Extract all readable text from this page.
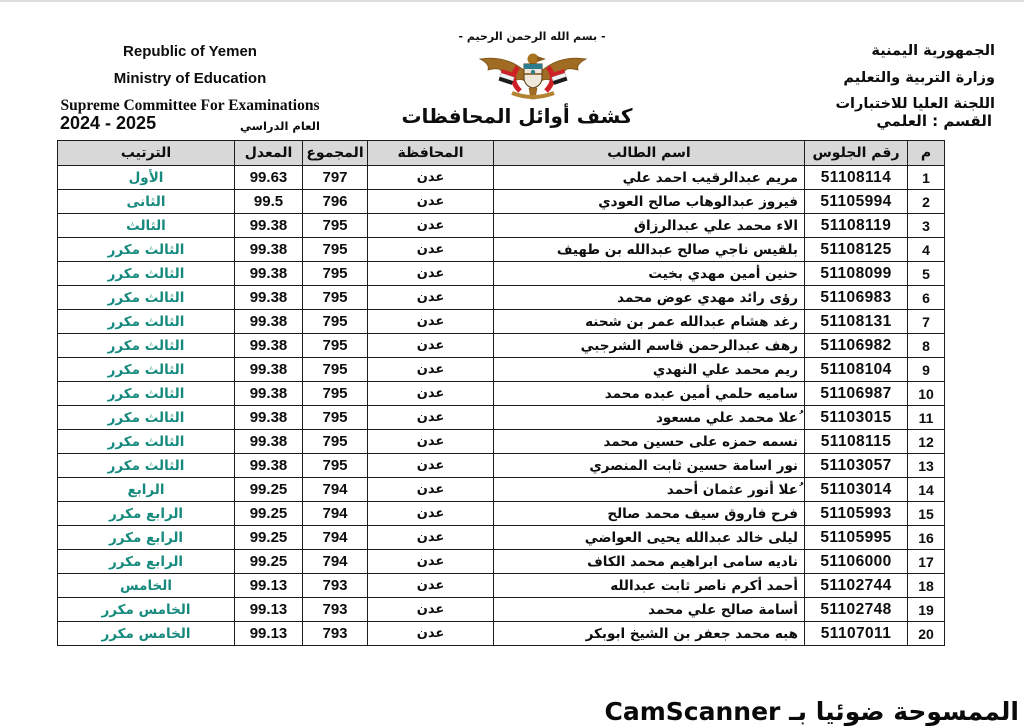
Republic of Yemen
Ministry of Education
Supreme Committee For Examinations
الجمهورية اليمنية
وزارة التربية والتعليم
اللجنة العليا للاختبارات
- بسم الله الرحمن الرحيم -
كشف أوائل المحافظات	القسم : العلمي
العام الدراسي
2024 - 2025
م	رقم الجلوس	اسم الطالب	المحافظة	المجموع	المعدل	الترتيب
1	51108114	مريم عبدالرقيب احمد علي	عدن	797	99.63	الأول
2	51105994	فيروز عبدالوهاب صالح العودي	عدن	796	99.5	الثانى
3	51108119	الاء محمد علي عبدالرزاق	عدن	795	99.38	الثالث
4	51108125	بلقيس ناجي صالح عبدالله بن طهيف	عدن	795	99.38	الثالث مكرر
5	51108099	حنين أمين مهدي بخيت	عدن	795	99.38	الثالث مكرر
6	51106983	رؤى رائد مهدي عوض محمد	عدن	795	99.38	الثالث مكرر
7	51108131	رغد هشام عبدالله عمر بن شحنه	عدن	795	99.38	الثالث مكرر
8	51106982	رهف عبدالرحمن قاسم الشرجبي	عدن	795	99.38	الثالث مكرر
9	51108104	ريم محمد علي النهدي	عدن	795	99.38	الثالث مكرر
10	51106987	ساميه حلمي أمين عبده محمد	عدن	795	99.38	الثالث مكرر
11	51103015	ُعلا محمد علي مسعود	عدن	795	99.38	الثالث مكرر
12	51108115	نسمه حمزه على حسين محمد	عدن	795	99.38	الثالث مكرر
13	51103057	نور اسامة حسين ثابت المنصري	عدن	795	99.38	الثالث مكرر
14	51103014	ُعلا أنور عثمان أحمد	عدن	794	99.25	الرابع
15	51105993	فرح فاروق سيف محمد صالح	عدن	794	99.25	الرابع مكرر
16	51105995	ليلى خالد عبدالله يحيى العواضي	عدن	794	99.25	الرابع مكرر
17	51106000	ناديه سامى ابراهيم محمد الكاف	عدن	794	99.25	الرابع مكرر
18	51102744	أحمد أكرم ناصر ثابت عبدالله	عدن	793	99.13	الخامس
19	51102748	أسامة صالح علي محمد	عدن	793	99.13	الخامس مكرر
20	51107011	هبه محمد جعفر بن الشيخ ابوبكر	عدن	793	99.13	الخامس مكرر
الممسوحة ضوئيا بـ CamScanner
